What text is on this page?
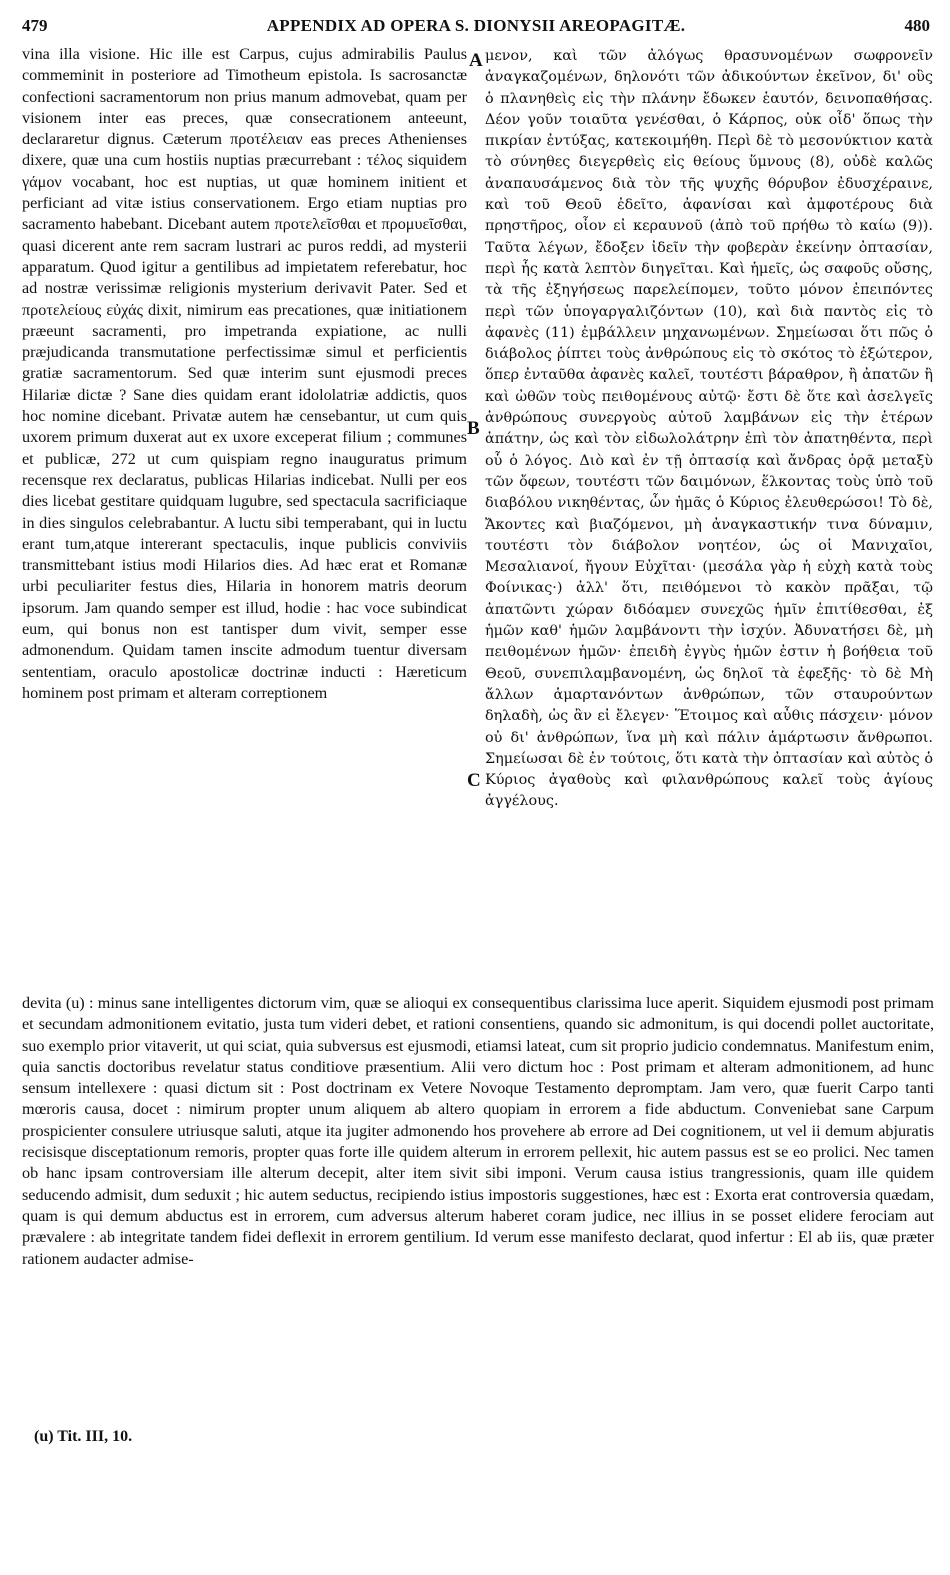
479	APPENDIX AD OPERA S. DIONYSII AREOPAGITÆ.	480

vina illa visione. Hic ille est Carpus, cujus admirabilis Paulus commeminit in posteriore ad Timotheum epistola. Is sacrosanctæ confectioni sacramentorum non prius manum admovebat, quam per visionem inter eas preces, quæ consecrationem anteeunt, declararetur dignus. Cæterum προτέλειαν eas preces Athenienses dixere, quæ una cum hostiis nuptias præcurrebant : τέλος siquidem γάμον vocabant, hoc est nuptias, ut quæ hominem initient et perficiant ad vitæ istius conservationem. Ergo etiam nuptias pro sacramento habebant. Dicebant autem προτελεῖσθαι et προμυεῖσθαι, quasi dicerent ante rem sacram lustrari ac puros reddi, ad mysterii apparatum. Quod igitur a gentilibus ad impietatem referebatur, hoc ad nostræ verissimæ religionis mysterium derivavit Pater. Sed et προτελείους εὐχάς dixit, nimirum eas precationes, quæ initiationem præeunt sacramenti, pro impetranda expiatione, ac nulli præjudicanda transmutatione perfectissimæ simul et perficientis gratiæ sacramentorum. Sed quæ interim sunt ejusmodi preces Hilariæ dictæ ? Sane dies quidam erant idololatriæ addictis, quos hoc nomine dicebant. Privatæ autem hæ censebantur, ut cum quis uxorem primum duxerat aut ex uxore exceperat filium ; communes et publicæ, 272 ut cum quispiam regno inauguratus primum recensque rex declaratus, publicas Hilarias indicebat. Nulli per eos dies licebat gestitare quidquam lugubre, sed spectacula sacrificiaque in dies singulos celebrabantur. A luctu sibi temperabant, qui in luctu erant tum,atque intererant spectaculis, inque publicis conviviis transmittebant istius modi Hilarios dies. Ad hæc erat et Romanæ urbi peculiariter festus dies, Hilaria in honorem matris deorum ipsorum. Jam quando semper est illud, hodie : hac voce subindicat eum, qui bonus non est tantisper dum vivit, semper esse admonendum. Quidam tamen inscite admodum tuentur diversam sententiam, oraculo apostolicæ doctrinæ inducti : Hæreticum hominem post primam et alteram correptionem

A
B
C

μενον, καὶ τῶν ἀλόγως θρασυνομένων σωφρονεῖν ἀναγκαζομένων, δηλονότι τῶν ἀδικούντων ἐκεῖνον, δι' οὓς ὁ πλανηθεὶς εἰς τὴν πλάνην ἔδωκεν ἑαυτόν, δεινοπαθήσας. Δέον γοῦν τοιαῦτα γενέσθαι, ὁ Κάρπος, οὐκ οἶδ' ὅπως τὴν πικρίαν ἐντύξας, κατεκοιμήθη. Περὶ δὲ τὸ μεσονύκτιον κατὰ τὸ σύνηθες διεγερθεὶς εἰς θείους ὕμνους (8), οὐδὲ καλῶς ἀναπαυσάμενος διὰ τὸν τῆς ψυχῆς θόρυβον ἐδυσχέραινε, καὶ τοῦ Θεοῦ ἐδεῖτο, ἀφανίσαι καὶ ἀμφοτέρους διὰ πρηστῆρος, οἷον εἰ κεραυνοῦ (ἀπὸ τοῦ πρήθω τὸ καίω (9)). Ταῦτα λέγων, ἔδοξεν ἰδεῖν τὴν φοβερὰν ἐκείνην ὀπτασίαν, περὶ ἧς κατὰ λεπτὸν διηγεῖται. Καὶ ἡμεῖς, ὡς σαφοῦς οὔσης, τὰ τῆς ἐξηγήσεως παρελείπομεν, τοῦτο μόνον ἐπειπόντες περὶ τῶν ὑπογαργαλιζόντων (10), καὶ διὰ παντὸς εἰς τὸ ἀφανὲς (11) ἐμβάλλειν μηχανωμένων. Σημείωσαι ὅτι πῶς ὁ διάβολος ῥίπτει τοὺς ἀνθρώπους εἰς τὸ σκότος τὸ ἐξώτερον, ὅπερ ἐνταῦθα ἀφανὲς καλεῖ, τουτέστι βάραθρον, ἢ ἀπατῶν ἢ καὶ ὠθῶν τοὺς πειθομένους αὐτῷ· ἔστι δὲ ὅτε καὶ ἀσελγεῖς ἀνθρώπους συνεργοὺς αὐτοῦ λαμβάνων εἰς τὴν ἑτέρων ἀπάτην, ὡς καὶ τὸν εἰδωλολάτρην ἐπὶ τὸν ἀπατηθέντα, περὶ οὗ ὁ λόγος. Διὸ καὶ ἐν τῇ ὀπτασίᾳ καὶ ἄνδρας ὁρᾷ μεταξὺ τῶν ὄφεων, τουτέστι τῶν δαιμόνων, ἕλκοντας τοὺς ὑπὸ τοῦ διαβόλου νικηθέντας, ὧν ἡμᾶς ὁ Κύριος ἐλευθερώσοι! Τὸ δὲ, Ἄκοντες καὶ βιαζόμενοι, μὴ ἀναγκαστικήν τινα δύναμιν, τουτέστι τὸν διάβολον νοητέον, ὡς οἱ Μανιχαῖοι, Μεσαλιανοί, ἤγουν Εὐχῖται· (μεσάλα γὰρ ἡ εὐχὴ κατὰ τοὺς Φοίνικας·) ἀλλ' ὅτι, πειθόμενοι τὸ κακὸν πρᾶξαι, τῷ ἀπατῶντι χώραν διδόαμεν συνεχῶς ἡμῖν ἐπιτίθεσθαι, ἐξ ἡμῶν καθ' ἡμῶν λαμβάνοντι τὴν ἰσχύν. Ἀδυνατήσει δὲ, μὴ πειθομένων ἡμῶν· ἐπειδὴ ἐγγὺς ἡμῶν ἐστιν ἡ βοήθεια τοῦ Θεοῦ, συνεπιλαμβανομένη, ὡς δηλοῖ τὰ ἐφεξῆς· τὸ δὲ Μὴ ἄλλων ἁμαρτανόντων ἀνθρώπων, τῶν σταυρούντων δηλαδὴ, ὡς ἂν εἰ ἔλεγεν· Ἕτοιμος καὶ αὖθις πάσχειν· μόνον οὐ δι' ἀνθρώπων, ἵνα μὴ καὶ πάλιν ἁμάρτωσιν ἄνθρωποι. Σημείωσαι δὲ ἐν τούτοις, ὅτι κατὰ τὴν ὀπτασίαν καὶ αὐτὸς ὁ Κύριος ἀγαθοὺς καὶ φιλανθρώπους καλεῖ τοὺς ἁγίους ἀγγέλους.

devita (u) : minus sane intelligentes dictorum vim, quæ se alioqui ex consequentibus clarissima luce aperit. Siquidem ejusmodi post primam et secundam admonitionem evitatio, justa tum videri debet, et rationi consentiens, quando sic admonitum, is qui docendi pollet auctoritate, suo exemplo prior vitaverit, ut qui sciat, quia subversus est ejusmodi, etiamsi lateat, cum sit proprio judicio condemnatus. Manifestum enim, quia sanctis doctoribus revelatur status conditiove præsentium. Alii vero dictum hoc : Post primam et alteram admonitionem, ad hunc sensum intellexere : quasi dictum sit : Post doctrinam ex Vetere Novoque Testamento depromptam. Jam vero, quæ fuerit Carpo tanti mœroris causa, docet : nimirum propter unum aliquem ab altero quopiam in errorem a fide abductum. Conveniebat sane Carpum prospicienter consulere utriusque saluti, atque ita jugiter admonendo hos provehere ab errore ad Dei cognitionem, ut vel ii demum abjuratis recisisque disceptationum remoris, propter quas forte ille quidem alterum in errorem pellexit, hic autem passus est se eo prolici. Nec tamen ob hanc ipsam controversiam ille alterum decepit, alter item sivit sibi imponi. Verum causa istius trangressionis, quam ille quidem seducendo admisit, dum seduxit ; hic autem seductus, recipiendo istius impostoris suggestiones, hæc est : Exorta erat controversia quædam, quam is qui demum abductus est in errorem, cum adversus alterum haberet coram judice, nec illius in se posset elidere ferociam aut prævalere : ab integritate tandem fidei deflexit in errorem gentilium. Id verum esse manifesto declarat, quod infertur : El ab iis, quæ præter rationem audacter admise-

(u) Tit. III, 10.
